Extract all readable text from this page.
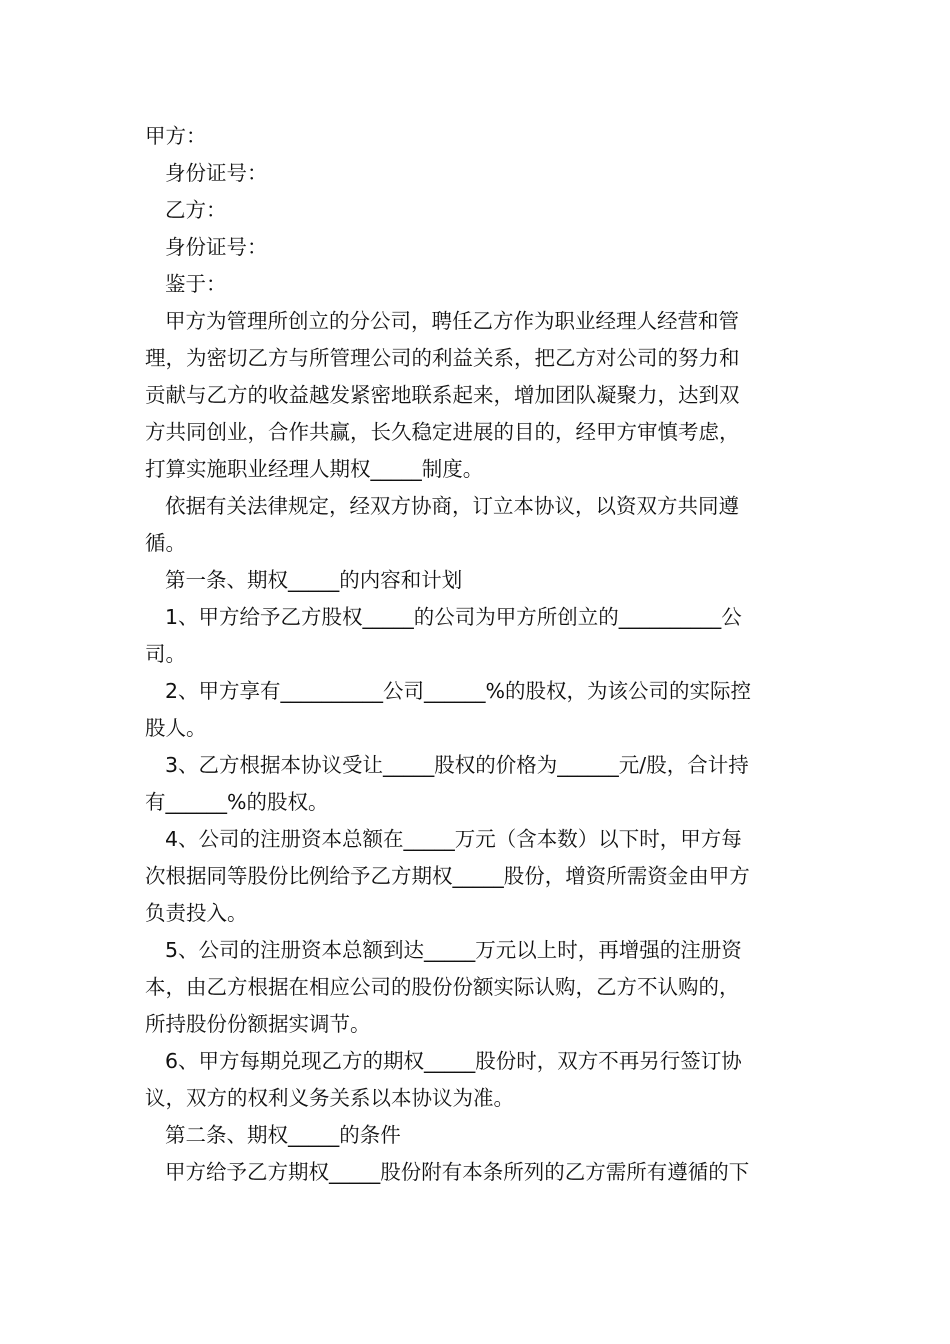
甲方：
身份证号：
乙方：
身份证号：
鉴于：
甲方为管理所创立的分公司，聘任乙方作为职业经理人经营和管
理，为密切乙方与所管理公司的利益关系，把乙方对公司的努力和
贡献与乙方的收益越发紧密地联系起来，增加团队凝聚力，达到双
方共同创业，合作共赢，长久稳定进展的目的，经甲方审慎考虑，
打算实施职业经理人期权_____制度。
依据有关法律规定，经双方协商，订立本协议，以资双方共同遵
循。
第一条、期权_____的内容和计划
1、甲方给予乙方股权_____的公司为甲方所创立的__________公
司。
2、甲方享有__________公司______%的股权，为该公司的实际控
股人。
3、乙方根据本协议受让_____股权的价格为______元/股，合计持
有______%的股权。
4、公司的注册资本总额在_____万元（含本数）以下时，甲方每
次根据同等股份比例给予乙方期权_____股份，增资所需资金由甲方
负责投入。
5、公司的注册资本总额到达_____万元以上时，再增强的注册资
本，由乙方根据在相应公司的股份份额实际认购，乙方不认购的，
所持股份份额据实调节。
6、甲方每期兑现乙方的期权_____股份时，双方不再另行签订协
议，双方的权利义务关系以本协议为准。
第二条、期权_____的条件
甲方给予乙方期权_____股份附有本条所列的乙方需所有遵循的下
